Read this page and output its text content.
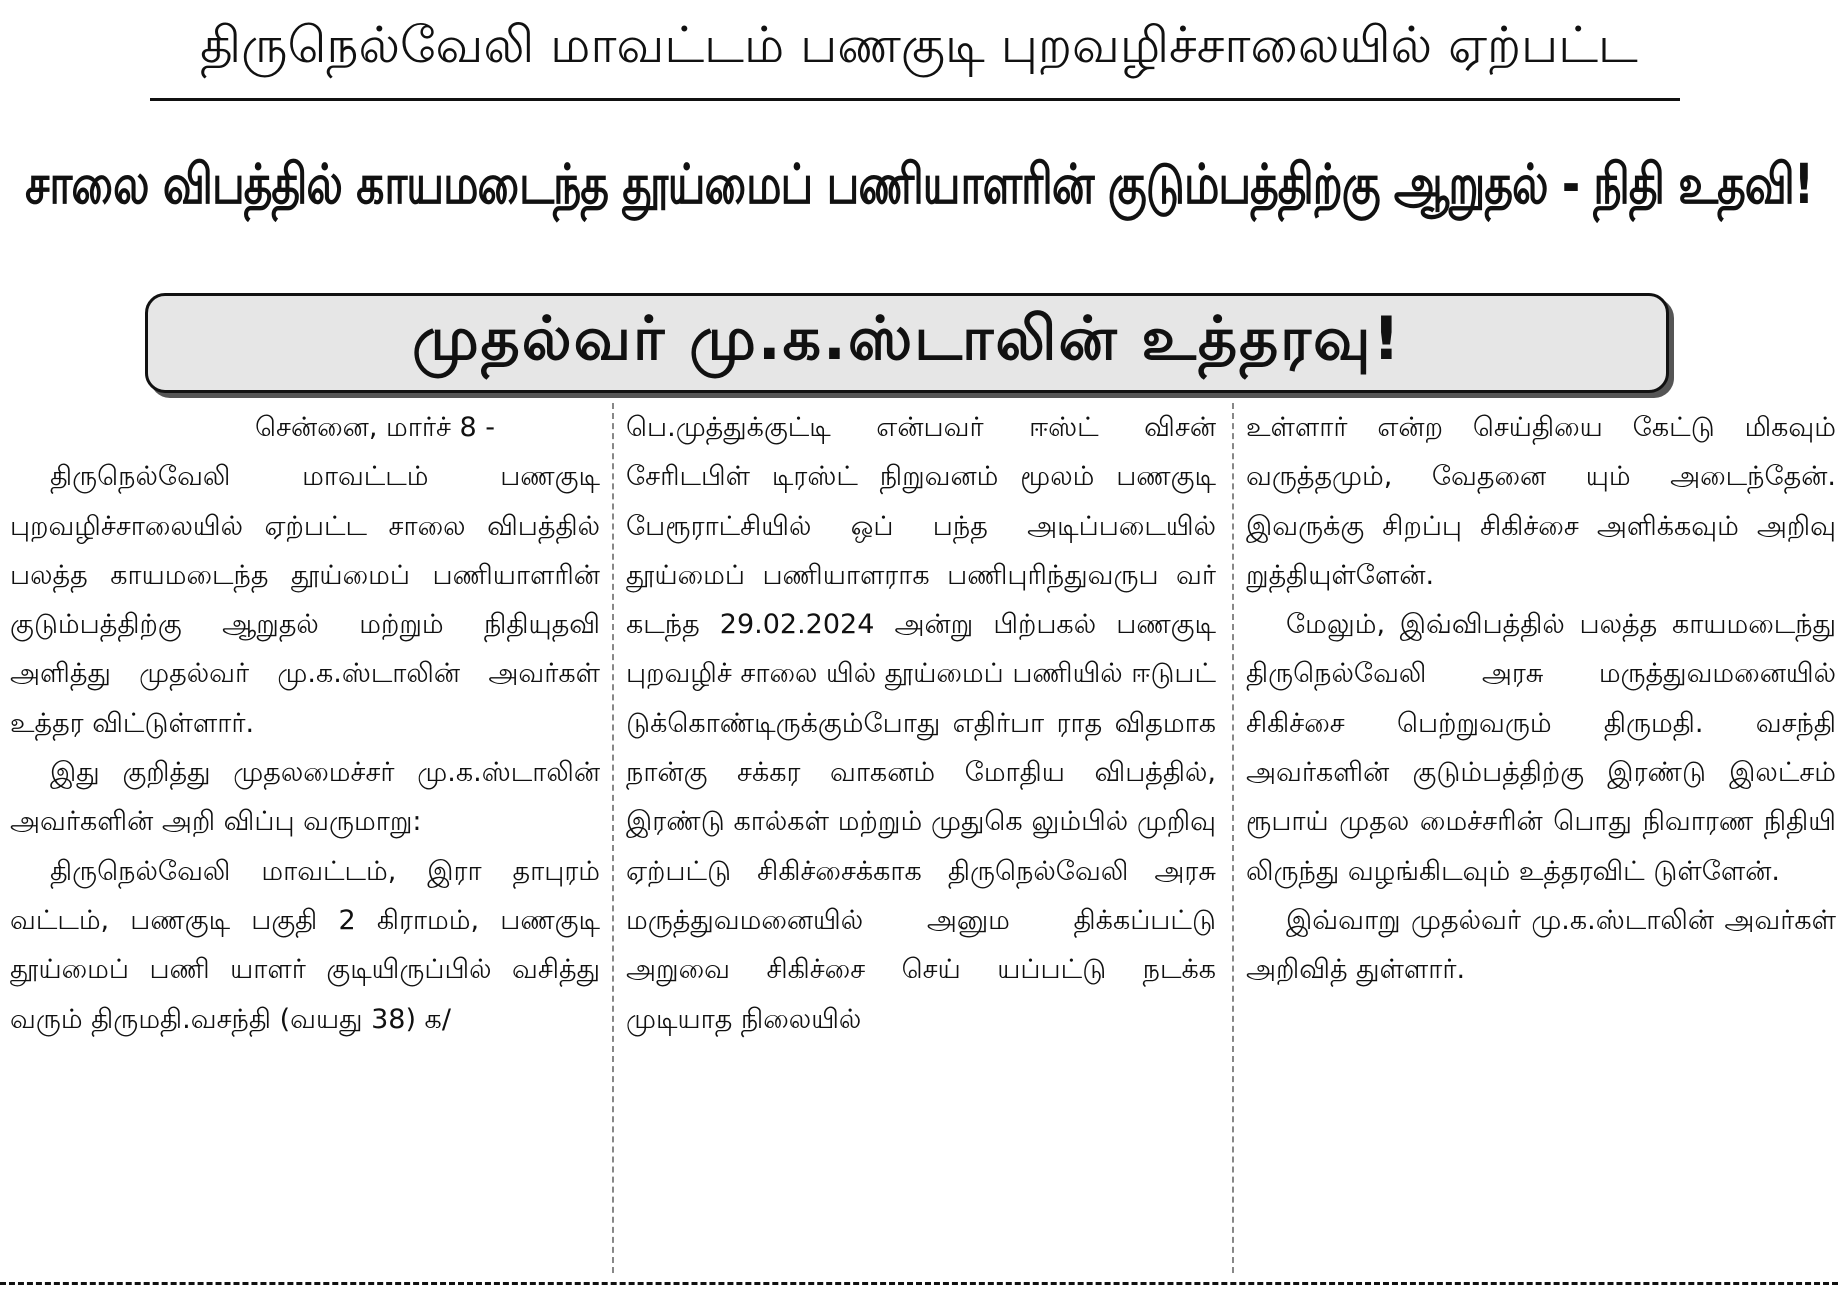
திருநெல்வேலி மாவட்டம் பணகுடி புறவழிச்சாலையில் ஏற்பட்ட
சாலை விபத்தில் காயமடைந்த தூய்மைப் பணியாளரின் குடும்பத்திற்கு ஆறுதல் - நிதி உதவி!
முதல்வர் மு.க.ஸ்டாலின் உத்தரவு!

சென்னை, மார்ச் 8 -

திருநெல்வேலி மாவட்டம் பணகுடி புறவழிச்சாலையில் ஏற்பட்ட சாலை விபத்தில் பலத்த காயமடைந்த தூய்மைப் பணியாளரின் குடும்பத்திற்கு ஆறுதல் மற்றும் நிதியுதவி அளித்து முதல்வர் மு.க.ஸ்டாலின் அவர்கள் உத்தர விட்டுள்ளார்.

இது குறித்து முதலமைச்சர் மு.க.ஸ்டாலின் அவர்களின் அறி விப்பு வருமாறு:

திருநெல்வேலி மாவட்டம், இரா தாபுரம் வட்டம், பணகுடி பகுதி 2 கிராமம், பணகுடி தூய்மைப் பணி யாளர் குடியிருப்பில் வசித்து வரும் திருமதி.வசந்தி (வயது 38) க/

பெ.முத்துக்குட்டி என்பவர் ஈஸ்ட் விசன் சேரிடபிள் டிரஸ்ட் நிறுவனம் மூலம் பணகுடி பேரூராட்சியில் ஒப் பந்த அடிப்படையில் தூய்மைப் பணியாளராக பணிபுரிந்துவருப வர் கடந்த 29.02.2024 அன்று பிற்பகல் பணகுடி புறவழிச் சாலை யில் தூய்மைப் பணியில் ஈடுபட் டுக்கொண்டிருக்கும்போது எதிர்பா ராத விதமாக நான்கு சக்கர வாகனம் மோதிய விபத்தில், இரண்டு கால்கள் மற்றும் முதுகெ லும்பில் முறிவு ஏற்பட்டு சிகிச்சைக்காக திருநெல்வேலி அரசு மருத்துவமனையில் அனும திக்கப்பட்டு அறுவை சிகிச்சை செய் யப்பட்டு நடக்க முடியாத நிலையில்

உள்ளார் என்ற செய்தியை கேட்டு மிகவும் வருத்தமும், வேதனை யும் அடைந்தேன். இவருக்கு சிறப்பு சிகிச்சை அளிக்கவும் அறிவு றுத்தியுள்ளேன்.

மேலும், இவ்விபத்தில் பலத்த காயமடைந்து திருநெல்வேலி அரசு மருத்துவமனையில் சிகிச்சை பெற்றுவரும் திருமதி. வசந்தி அவர்களின் குடும்பத்திற்கு இரண்டு இலட்சம் ரூபாய் முதல மைச்சரின் பொது நிவாரண நிதியி லிருந்து வழங்கிடவும் உத்தரவிட் டுள்ளேன்.

இவ்வாறு முதல்வர் மு.க.ஸ்டாலின் அவர்கள் அறிவித் துள்ளார்.
